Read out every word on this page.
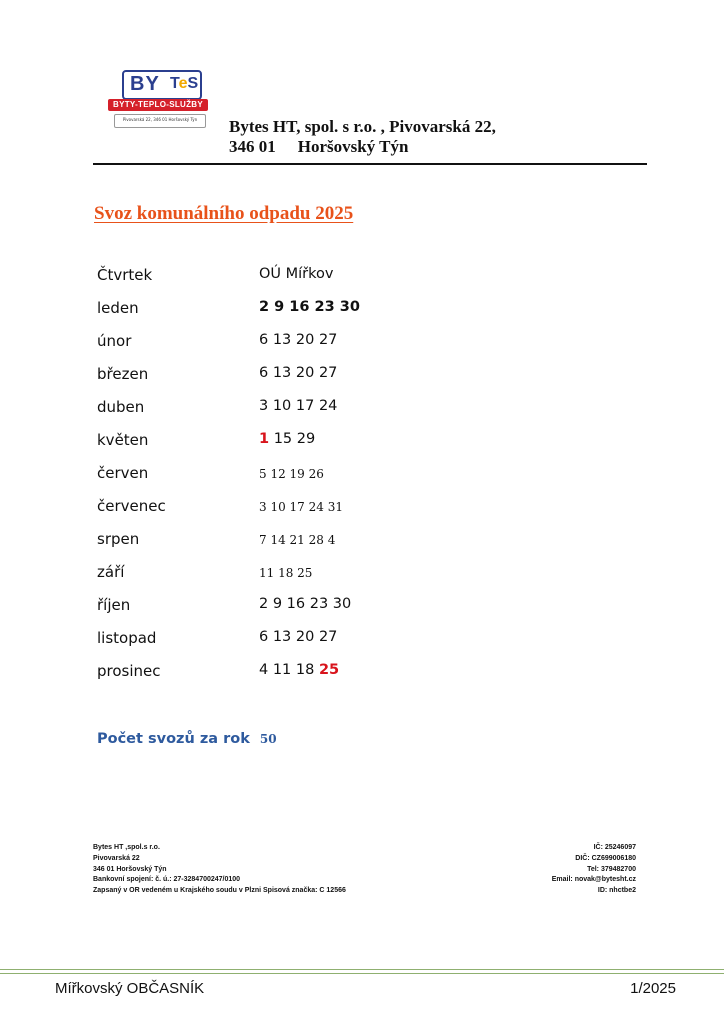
BY TeS
BYTY-TEPLO-SLUŽBY
Pivovarská 22, 346 01 Horšovský Týn	Bytes HT, spol. s r.o. , Pivovarská 22,
346 01 Horšovský Týn
Svoz komunálního odpadu 2025
Čtvrtek	OÚ Mířkov
leden	2 9 16 23 30
únor	6 13 20 27
březen	6 13 20 27
duben	3 10 17 24
květen	1 15 29
červen	5 12 19 26
červenec	3 10 17 24 31
srpen	7 14 21 28 4
září	11 18 25
říjen	2 9 16 23 30
listopad	6 13 20 27
prosinec	4 11 18 25
Počet svozů za rok 50
Bytes HT ,spol.s r.o.
Pivovarská 22
346 01 Horšovský Týn
Bankovní spojení: č. ú.: 27-3284700247/0100
Zapsaný v OR vedeném u Krajského soudu v Plzni Spisová značka: C 12566
IČ: 25246097
DIČ: CZ699006180
Tel: 379482700
Email: novak@bytesht.cz
ID: nhctbe2
Mířkovský OBČASNÍK	1/2025
